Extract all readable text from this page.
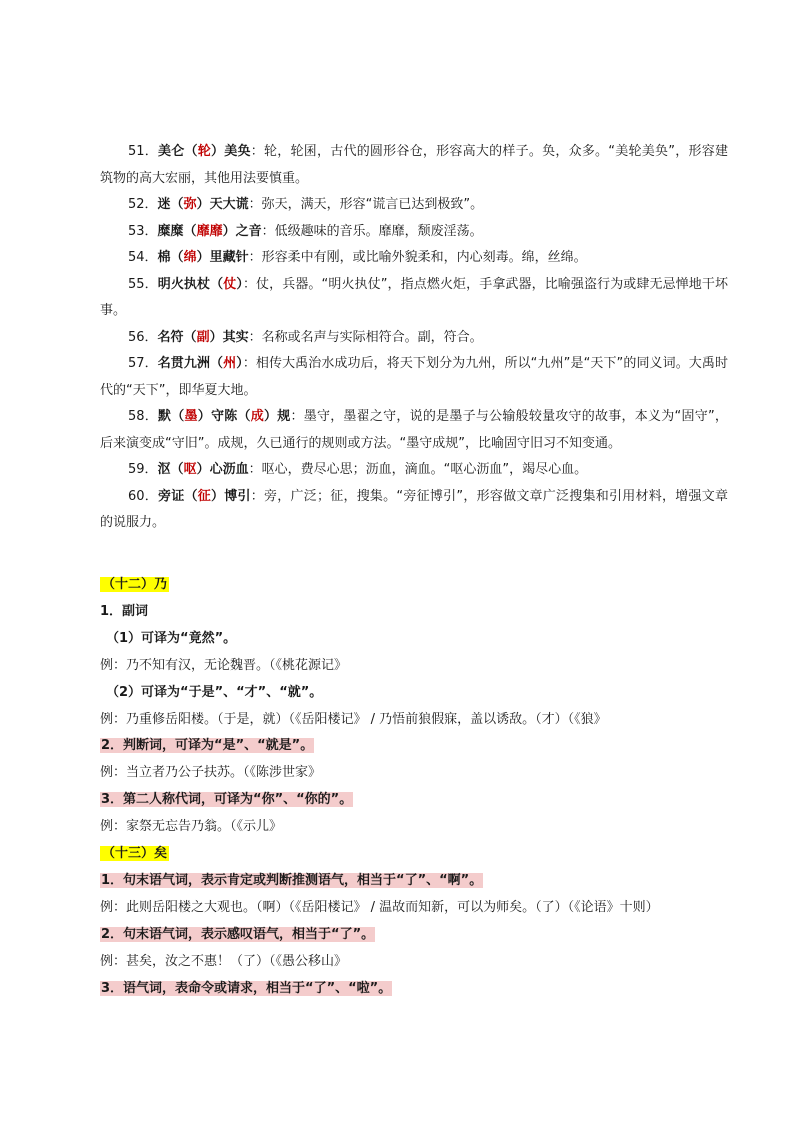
51．美仑（轮）美奂：轮，轮囷，古代的圆形谷仓，形容高大的样子。奂，众多。“美轮美奂”，形容建筑物的高大宏丽，其他用法要慎重。

52．迷（弥）天大谎：弥天，满天，形容“谎言已达到极致”。

53．糜糜（靡靡）之音：低级趣味的音乐。靡靡，颓废淫荡。

54．棉（绵）里藏针：形容柔中有刚，或比喻外貌柔和，内心刻毒。绵，丝绵。

55．明火执杖（仗）：仗，兵器。“明火执仗”，指点燃火炬，手拿武器，比喻强盗行为或肆无忌惮地干坏事。

56．名符（副）其实：名称或名声与实际相符合。副，符合。

57．名贯九洲（州）：相传大禹治水成功后，将天下划分为九州，所以“九州”是“天下”的同义词。大禹时代的“天下”，即华夏大地。

58．默（墨）守陈（成）规：墨守，墨翟之守，说的是墨子与公输般较量攻守的故事，本义为“固守”，后来演变成“守旧”。成规，久已通行的规则或方法。“墨守成规”，比喻固守旧习不知变通。

59．沤（呕）心沥血：呕心，费尽心思；沥血，滴血。“呕心沥血”，竭尽心血。

60．旁证（征）博引：旁，广泛；征，搜集。“旁征博引”，形容做文章广泛搜集和引用材料，增强文章的说服力。

（十二）乃

1．副词

（1）可译为“竟然”。

例：乃不知有汉，无论魏晋。（《桃花源记》

（2）可译为“于是”、“才”、“就”。

例：乃重修岳阳楼。（于是，就）（《岳阳楼记》 / 乃悟前狼假寐，盖以诱敌。（才）（《狼》

2．判断词，可译为“是”、“就是”。

例：当立者乃公子扶苏。（《陈涉世家》

3．第二人称代词，可译为“你”、“你的”。

例：家祭无忘告乃翁。（《示儿》

（十三）矣

1．句末语气词，表示肯定或判断推测语气，相当于“了”、“啊”。

例：此则岳阳楼之大观也。（啊）（《岳阳楼记》 / 温故而知新，可以为师矣。（了）（《论语》十则）

2．句末语气词，表示感叹语气，相当于“了”。

例：甚矣，汝之不惠！（了）（《愚公移山》

3．语气词，表命令或请求，相当于“了”、“啦”。
